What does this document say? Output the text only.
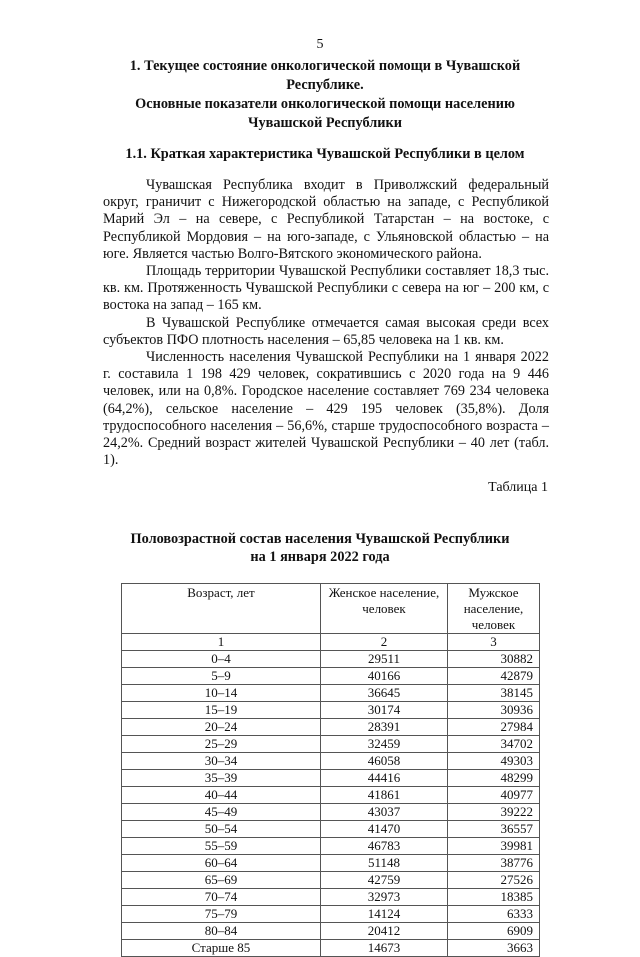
5
1. Текущее состояние онкологической помощи в Чувашской Республике.
Основные показатели онкологической помощи населению
Чувашской Республики
1.1. Краткая характеристика Чувашской Республики в целом

Чувашская Республика входит в Приволжский федеральный округ, граничит с Нижегородской областью на западе, с Республикой Марий Эл – на севере, с Республикой Татарстан – на востоке, с Республикой Мордовия – на юго-западе, с Ульяновской областью – на юге. Является частью Волго-Вятского экономического района.

Площадь территории Чувашской Республики составляет 18,3 тыс. кв. км. Протяженность Чувашской Республики с севера на юг – 200 км, с востока на запад – 165 км.

В Чувашской Республике отмечается самая высокая среди всех субъектов ПФО плотность населения – 65,85 человека на 1 кв. км.

Численность населения Чувашской Республики на 1 января 2022 г. составила 1 198 429 человек, сократившись с 2020 года на 9 446 человек, или на 0,8%. Городское население составляет 769 234 человека (64,2%), сельское население – 429 195 человек (35,8%). Доля трудоспособного населения – 56,6%, старше трудоспособного возраста – 24,2%. Средний возраст жителей Чувашской Республики – 40 лет (табл. 1).

Таблица 1
Половозрастной состав населения Чувашской Республики
на 1 января 2022 года
Возраст, лет	Женское население, человек	Мужское население, человек
1	2	3
0–4	29511	30882
5–9	40166	42879
10–14	36645	38145
15–19	30174	30936
20–24	28391	27984
25–29	32459	34702
30–34	46058	49303
35–39	44416	48299
40–44	41861	40977
45–49	43037	39222
50–54	41470	36557
55–59	46783	39981
60–64	51148	38776
65–69	42759	27526
70–74	32973	18385
75–79	14124	6333
80–84	20412	6909
Старше 85	14673	3663
